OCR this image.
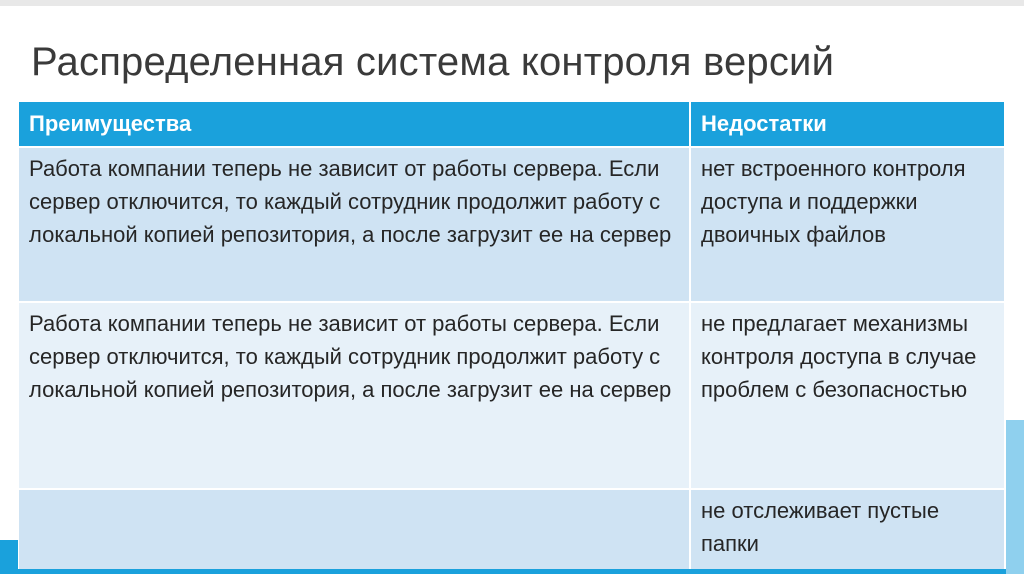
Распределенная система контроля версий
Преимущества	Недостатки
Работа компании теперь не зависит от работы сервера. Если сервер отключится, то каждый сотрудник продолжит работу с локальной копией репозитория, а после загрузит ее на сервер
нет встроенного контроля доступа и поддержки двоичных файлов
Работа компании теперь не зависит от работы сервера. Если сервер отключится, то каждый сотрудник продолжит работу с локальной копией репозитория, а после загрузит ее на сервер
не предлагает механизмы контроля доступа в случае проблем с безопасностью
не отслеживает пустые папки
